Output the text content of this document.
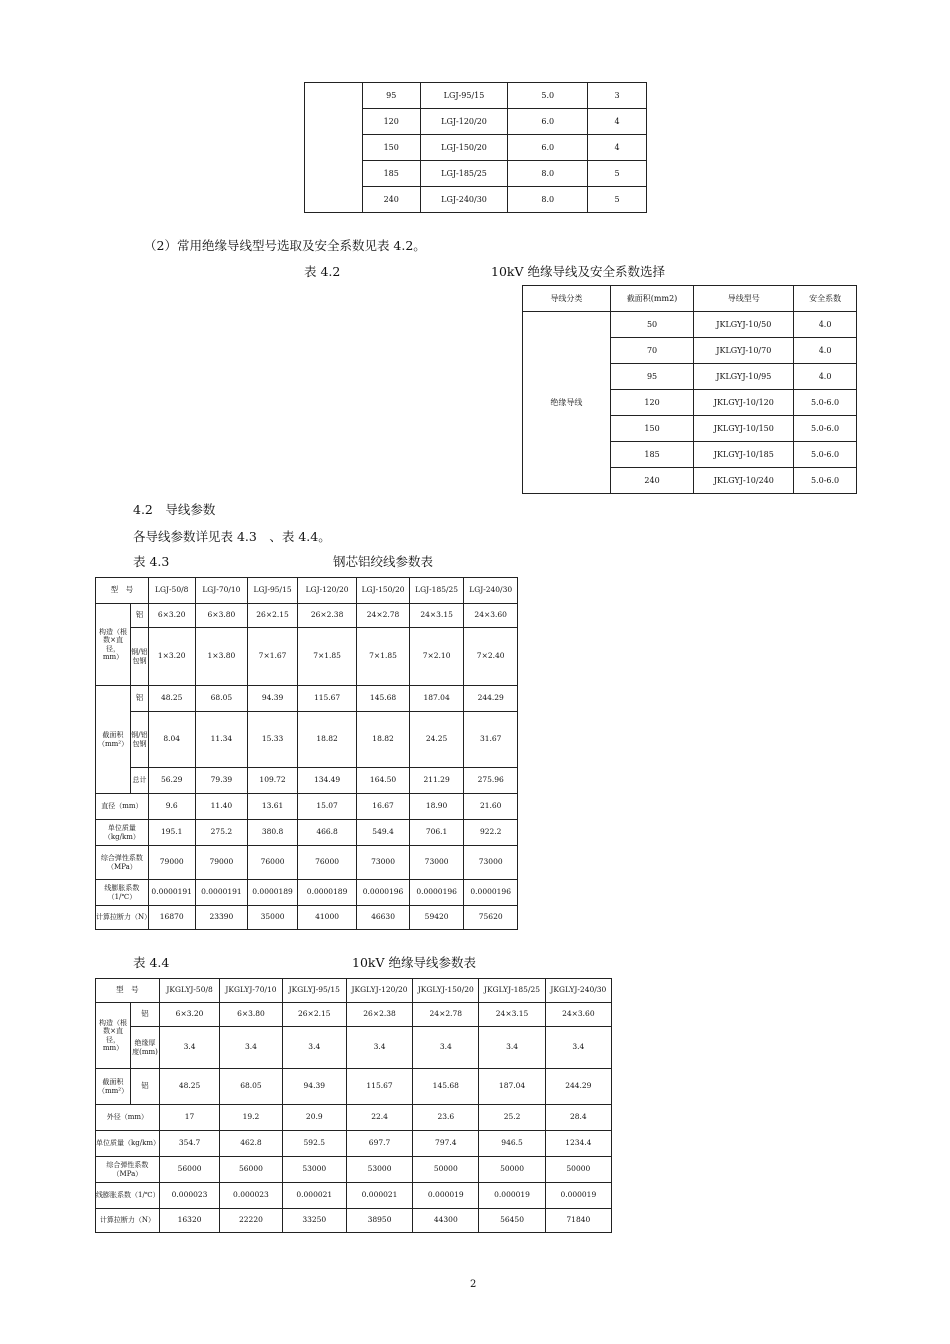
	95	LGJ-95/15	5.0	3
	120	LGJ-120/20	6.0	4
	150	LGJ-150/20	6.0	4
	185	LGJ-185/25	8.0	5
	240	LGJ-240/30	8.0	5
（2）常用绝缘导线型号选取及安全系数见表 4.2。
表 4.2	10kV 绝缘导线及安全系数选择
导线分类	截面积(mm2)	导线型号	安全系数
绝缘导线	50	JKLGYJ-10/50	4.0
	70	JKLGYJ-10/70	4.0
	95	JKLGYJ-10/95	4.0
	120	JKLGYJ-10/120	5.0-6.0
	150	JKLGYJ-10/150	5.0-6.0
	185	JKLGYJ-10/185	5.0-6.0
	240	JKLGYJ-10/240	5.0-6.0
4.2　导线参数
各导线参数详见表 4.3　、表 4.4。
表 4.3	钢芯铝绞线参数表
型　号		LGJ-50/8	LGJ-70/10	LGJ-95/15	LGJ-120/20	LGJ-150/20	LGJ-185/25	LGJ-240/30
构造（根数×直径，mm）	铝	6×3.20	6×3.80	26×2.15	26×2.38	24×2.78	24×3.15	24×3.60
	钢/铝包钢	1×3.20	1×3.80	7×1.67	7×1.85	7×1.85	7×2.10	7×2.40
截面积（mm²）	铝	48.25	68.05	94.39	115.67	145.68	187.04	244.29
	钢/铝包钢	8.04	11.34	15.33	18.82	18.82	24.25	31.67
	总计	56.29	79.39	109.72	134.49	164.50	211.29	275.96
直径（mm）		9.6	11.40	13.61	15.07	16.67	18.90	21.60
单位质量（kg/km）		195.1	275.2	380.8	466.8	549.4	706.1	922.2
综合弹性系数（MPa）		79000	79000	76000	76000	73000	73000	73000
线膨胀系数（1/℃）		0.0000191	0.0000191	0.0000189	0.0000189	0.0000196	0.0000196	0.0000196
计算拉断力（N）		16870	23390	35000	41000	46630	59420	75620
表 4.4	10kV 绝缘导线参数表
型　号		JKGLYJ-50/8	JKGLYJ-70/10	JKGLYJ-95/15	JKGLYJ-120/20	JKGLYJ-150/20	JKGLYJ-185/25	JKGLYJ-240/30
构造（根数×直径，mm）	铝	6×3.20	6×3.80	26×2.15	26×2.38	24×2.78	24×3.15	24×3.60
	绝缘厚度(mm)	3.4	3.4	3.4	3.4	3.4	3.4	3.4
截面积（mm²）	铝	48.25	68.05	94.39	115.67	145.68	187.04	244.29
外径（mm）		17	19.2	20.9	22.4	23.6	25.2	28.4
单位质量（kg/km）		354.7	462.8	592.5	697.7	797.4	946.5	1234.4
综合弹性系数（MPa）		56000	56000	53000	53000	50000	50000	50000
线膨胀系数（1/℃）		0.000023	0.000023	0.000021	0.000021	0.000019	0.000019	0.000019
计算拉断力（N）		16320	22220	33250	38950	44300	56450	71840
2
